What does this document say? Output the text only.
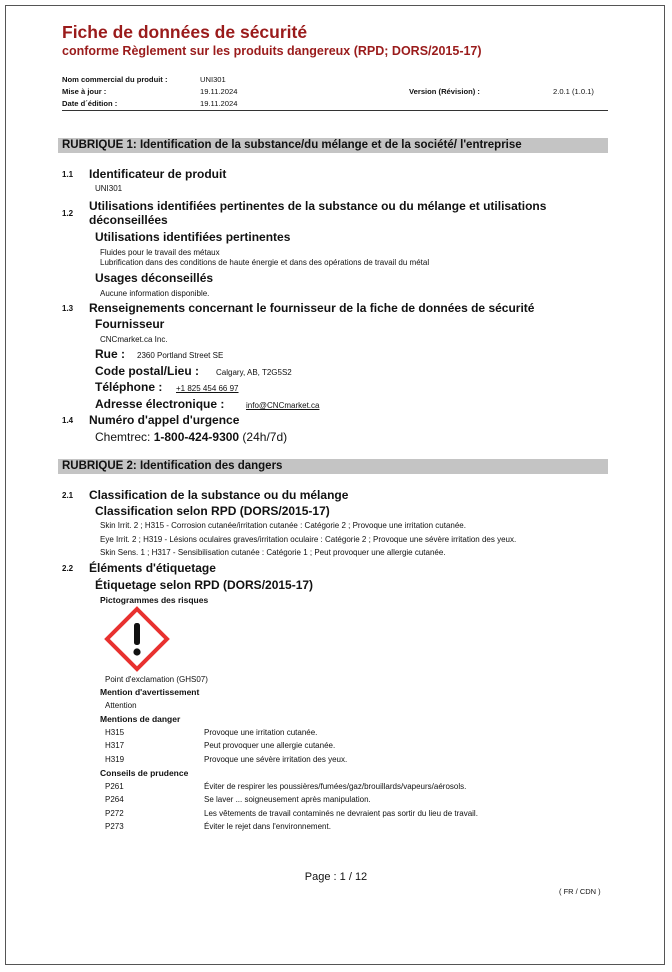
Fiche de données de sécurité
conforme Règlement sur les produits dangereux (RPD; DORS/2015-17)
Nom commercial du produit :	UNI301
Mise à jour :	19.11.2024	Version (Révision) :	2.0.1 (1.0.1)
Date d´édition :	19.11.2024
RUBRIQUE 1: Identification de la substance/du mélange et de la société/ l'entreprise
1.1 Identificateur de produit
UNI301
1.2
Utilisations identifiées pertinentes de la substance ou du mélange et utilisations
déconseillées
Utilisations identifiées pertinentes
Fluides pour le travail des métaux
Lubrification dans des conditions de haute énergie et dans des opérations de travail du métal
Usages déconseillés
Aucune information disponible.
1.3 Renseignements concernant le fournisseur de la fiche de données de sécurité
Fournisseur
CNCmarket.ca Inc.
Rue : 2360 Portland Street SE
Code postal/Lieu : Calgary, AB, T2G5S2
Téléphone : +1 825 454 66 97
Adresse électronique :	info@CNCmarket.ca
1.4 Numéro d'appel d'urgence
Chemtrec: 1-800-424-9300 (24h/7d)
RUBRIQUE 2: Identification des dangers
2.1 Classification de la substance ou du mélange
Classification selon RPD (DORS/2015-17)
Skin Irrit. 2 ; H315 - Corrosion cutanée/irritation cutanée : Catégorie 2 ; Provoque une irritation cutanée.
Eye Irrit. 2 ; H319 - Lésions oculaires graves/irritation oculaire : Catégorie 2 ; Provoque une sévère irritation des yeux.
Skin Sens. 1 ; H317 - Sensibilisation cutanée : Catégorie 1 ; Peut provoquer une allergie cutanée.
2.2 Éléments d'étiquetage
Étiquetage selon RPD (DORS/2015-17)
Pictogrammes des risques
Point d'exclamation (GHS07)
Mention d'avertissement
Attention
Mentions de danger
H315	Provoque une irritation cutanée.
H317	Peut provoquer une allergie cutanée.
H319	Provoque une sévère irritation des yeux.
Conseils de prudence
P261	Éviter de respirer les poussières/fumées/gaz/brouillards/vapeurs/aérosols.
P264	Se laver ... soigneusement après manipulation.
P272	Les vêtements de travail contaminés ne devraient pas sortir du lieu de travail.
P273	Éviter le rejet dans l'environnement.
Page : 1 / 12
( FR / CDN )
